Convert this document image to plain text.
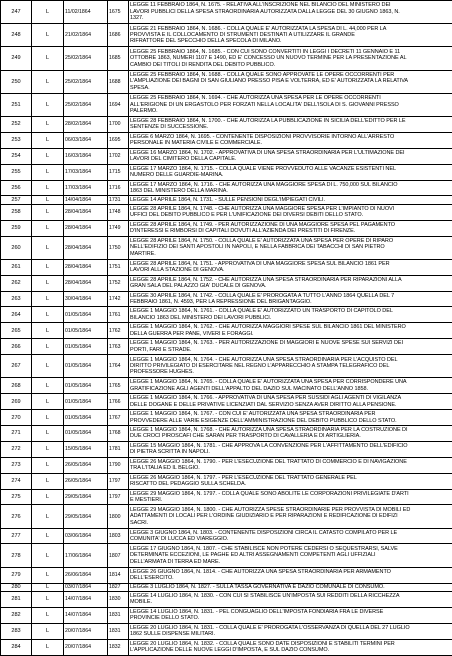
247	L	11/02/1864	1675	LEGGE 11 FEBBRAIO 1864, N. 1675. - RELATIVA ALL'INSCRIZIONE NEL BILANCIO DEL MINISTERO DEI
LAVORI PUBBLICI DELLA SPESA STRAORDINARIA AUTORIZZATA DALLA LEGGE DEL 30 GIUGNO 1863, N.
1327.

248	L	21/02/1864	1686	LEGGE 21 FEBBRAIO 1864, N. 1686. - COLLA QUALE E' AUTORIZZATA LA SPESA DI L. 44,000 PER LA
PROVVISTA E IL COLLOCAMENTO DI STRUMENTI DESTINATI A UTILIZZARE IL GRANDE
RIFRATTORE DEL SPECCHIO DELLA SPECOLA DI MILANO.

249	L	25/02/1864	1685	LEGGE 25 FEBBRAIO 1864, N. 1685. - CON CUI SONO CONVERTITI IN LEGGI I DECRETI 11 GENNAIO E 11
OTTOBRE 1863, NUMERI 1107 E 1490, ED E' CONCESSO UN NUOVO TERMINE PER LA PRESENTAZIONE AL
CAMBIO DEI TITOLI DI RENDITA DEL DEBITO PUBBLICO.

250	L	25/02/1864	1688	LEGGE 25 FEBBRAIO 1864, N. 1688. - COLLA QUALE SONO APPROVATE LE OPERE OCCORRENTI PER
L'AMPLIAZIONE DEI BAGNI DI SAN GIULIANO PRESSO PISA E VOLTERRA, ED E' AUTORIZZATA LA RELATIVA
SPESA.

251	L	25/02/1864	1694	LEGGE 25 FEBBRAIO 1864, N. 1694. - CHE AUTORIZZA UNA SPESA PER LE OPERE OCCORRENTI
ALL'ERIGIONE DI UN ERGASTOLO PER FORZATI NELLA LOCALITA' DELL'ISOLA DI S. GIOVANNI PRESSO
PALERMO.

252	L	28/02/1864	1700	LEGGE 28 FEBBRAIO 1864, N. 1700. - CHE AUTORIZZA LA PUBBLICAZIONE IN SICILIA DELL'EDITTO PER LE
SENTENZE DI SUCCESSIONE.

253	L	06/03/1864	1695	LEGGE 6 MARZO 1864, N. 1695. - CONTENENTE DISPOSIZIONI PROVVISORIE INTORNO ALL'ARRESTO
PERSONALE IN MATERIA CIVILE E COMMERCIALE.

254	L	16/03/1864	1702	LEGGE 16 MARZO 1864, N. 1702. - APPROVATIVA DI UNA SPESA STRAORDINARIA PER L'ULTIMAZIONE DEI
LAVORI DEL CIMITERO DELLA CAPITALE.

255	L	17/03/1864	1715	LEGGE 17 MARZO 1864, N. 1715. - COLLA QUALE VIENE PROVVEDUTO ALLE VACANZE ESISTENTI NEL
NUMERO DELLE GUARDIE-MARINA.

256	L	17/03/1864	1716	LEGGE 17 MARZO 1864, N. 1716. - CHE AUTORIZZA UNA MAGGIORE SPESA DI L. 750,000 SUL BILANCIO
1863 DEL MINISTERO DELLA MARINA.

257	L	14/04/1864	1731	LEGGE 14 APRILE 1864, N. 1731. - SULLE PENSIONI DEGL'IMPIEGATI CIVILI.

258	L	28/04/1864	1748	LEGGE 28 APRILE 1864, N. 1748. - CHE AUTORIZZA UNA MAGGIORE SPESA PER L'IMPIANTO DI NUOVI
UFFICI DEL DEBITO PUBBLICO E PER L'UNIFICAZIONE DEI DIVERSI DEBITI DELLO STATO.

259	L	28/04/1864	1749	LEGGE 28 APRILE 1864, N. 1749. - PER AUTORIZZAZIONE DI UNA MAGGIORE SPESA PEL PAGAMENTO
D'INTERESSI E RIMBORSI DI CAPITALI DOVUTI ALL'AZIENDA DEI PRESTITI DI FIRENZE.

260	L	28/04/1864	1750	LEGGE 28 APRILE 1864, N. 1750. - COLLA QUALE E' AUTORIZZATA UNA SPESA PER OPERE DI RIPARO
NELL'EDIFIZIO DEI SANTI APOSTOLI IN NAPOLI, E NELLA FABBRICA DEI TABACCHI DI SAN PIETRO
MARTIRE.

261	L	28/04/1864	1751	LEGGE 28 APRILE 1864, N. 1751. - APPROVATIVA DI UNA MAGGIORE SPESA SUL BILANCIO 1861 PER
LAVORI ALLA STAZIONE DI GENOVA.

262	L	28/04/1864	1752	LEGGE 28 APRILE 1864, N. 1752. - CHE AUTORIZZA UNA SPESA STRAORDINARIA PER RIPARAZIONI ALLA
GRAN SALA DEL PALAZZO GIA' DUCALE DI GENOVA.

263	L	30/04/1864	1742	LEGGE 30 APRILE 1864, N. 1742. - COLLA QUALE E' PROROGATA A TUTTO L'ANNO 1864 QUELLA DEL 7
FEBBRAIO 1861, N. 4593, PER LA REPRESSIONE DEL BRIGANTAGGIO.

264	L	01/05/1864	1761	LEGGE 1 MAGGIO 1864, N. 1761. - COLLA QUALE E' AUTORIZZATO UN TRASPORTO DI CAPITOLO DEL
BILANCIO 1863 DEL MINISTERO DEI LAVORI PUBBLICI.

265	L	01/05/1864	1762	LEGGE 1 MAGGIO 1864, N. 1762. - CHE AUTORIZZA MAGGIORI SPESE SUL BILANCIO 1861 DEL MINISTERO
DELLA GUERRA PER PANE, VIVERI E FORAGGI.

266	L	01/05/1864	1763	LEGGE 1 MAGGIO 1864, N. 1763. - PER AUTORIZZAZIONE DI MAGGIORI E NUOVE SPESE SUI SERVIZI DEI
PORTI, FARI E STRADE.

267	L	01/05/1864	1764	LEGGE 1 MAGGIO 1864, N. 1764. - CHE AUTORIZZA UNA SPESA STRAORDINARIA PER L'ACQUISTO DEL
DIRITTO PRIVILEGIATO DI ESERCITARE NEL REGNO L'APPARECCHIO A STAMPA TELEGRAFICO DEL
PROFESSORE HUGHES.

268	L	01/05/1864	1765	LEGGE 1 MAGGIO 1864, N. 1765. - COLLA QUALE E' AUTORIZZATA UNA SPESA PER CORRISPONDERE UNA
GRATIFICAZIONE AGLI AGENTI DELL'APPALTO DEL DAZIO SUL MACINATO DELL'ANNO 1858.

269	L	01/05/1864	1766	LEGGE 1 MAGGIO 1864, N. 1766. - APPROVATIVA DI UNA SPESA PER SUSSIDI AGLI AGENTI DI VIGILANZA
DELLE DOGANE E DELLE PRIVATIVE LICENZIATI DAL SERVIZIO SENZA AVER DIRITTO ALLA PENSIONE.

270	L	01/05/1864	1767	LEGGE 1 MAGGIO 1864, N. 1767. - CON CUI E' AUTORIZZATA UNA SPESA STRAORDINARIA PER
PROVVEDERE ALLE VARIE ESIGENZE DELL'AMMINISTRAZIONE DEL DEBITO PUBBLICO DELLO STATO.

271	L	01/05/1864	1768	LEGGE 1 MAGGIO 1864, N. 1768. - CHE AUTORIZZA UNA SPESA STRAORDINARIA PER LA COSTRUZIONE DI
DUE CROCI PIROSCAFI CHE SARAN PER TRASPORTO DI CAVALLERIA E DI ARTIGLIERIA.

272	L	15/05/1864	1781	LEGGE 15 MAGGIO 1864, N. 1781. - CHE APPROVA LA CONVENZIONE PER L'AFFITTAMENTO DELL'EDIFICIO
DI PIETRA SCRITTA IN NAPOLI.

273	L	26/05/1864	1790	LEGGE 26 MAGGIO 1864, N. 1790. - PER L'ESECUZIONE DEL TRATTATO DI COMMERCIO E DI NAVIGAZIONE
TRA L'ITALIA ED IL BELGIO.

274	L	26/05/1864	1797	LEGGE 26 MAGGIO 1864, N. 1797. - PER L'ESECUZIONE DEL TRATTATO GENERALE PEL
RISCATTO DEL PEDAGGIO SULLA SCHELDA.

275	L	29/05/1864	1797	LEGGE 29 MAGGIO 1864, N. 1797. - COLLA QUALE SONO ABOLITE LE CORPORAZIONI PRIVILEGIATE D'ARTI
E MESTIERI.

276	L	29/05/1864	1800	LEGGE 29 MAGGIO 1864, N. 1800. - CHE AUTORIZZA SPESE STRAORDINARIE PER PROVVISTA DI MOBILI ED
ADATTAMENTI DI LOCALI PER L'ORDINE GIUDIZIARIO E PER RIPARAZIONI E REDIFICAZIONE DI EDIFIZI
SACRI.

277	L	03/06/1864	1803	LEGGE 3 GIUGNO 1864, N. 1803. - CONTENENTE DISPOSIZIONI CIRCA IL CATASTO COMPILATO PER LE
COMUNITA' DI LUCCA ED VIAREGGIO.

278	L	17/06/1864	1807	LEGGE 17 GIUGNO 1864, N. 1807. - CHE STABILISCE NON POTERE CEDERSI O SEQUESTRARSI, SALVE
DETERMINATE ECCEZIONI, LE PAGHE ED ALTRI ASSEGNAMENTI COMPETENTI AGLI UFFIZIALI
DELL'ARMATA DI TERRA ED MARE.

279	L	26/06/1864	1814	LEGGE 26 GIUGNO 1864, N. 1814. - CHE AUTORIZZA UNA SPESA STRAORDINARIA PER ARMAMENTO
DELL'ESERCITO.

280	L	03/07/1864	1827	LEGGE 3 LUGLIO 1864, N. 1827. - SULLA TASSA GOVERNATIVA E DAZIO COMUNALE DI CONSUMO.

281	L	14/07/1864	1830	LEGGE 14 LUGLIO 1864, N. 1830. - CON CUI SI STABILISCE UN'IMPOSTA SUI REDDITI DELLA RICCHEZZA
MOBILE.

282	L	14/07/1864	1831	LEGGE 14 LUGLIO 1864, N. 1831. - PEL CONGUAGLIO DELL'IMPOSTA FONDIARIA FRA LE DIVERSE
PROVINCIE DELLO STATO.

283	L	20/07/1864	1831	LEGGE 20 LUGLIO 1864, N. 1831. - COLLA QUALE E' PROROGATA L'OSSERVANZA DI QUELLA DEL 27 LUGLIO
1862 SULLE DISPENSE MILITARI.

284	L	20/07/1864	1832	LEGGE 20 LUGLIO 1864, N. 1832. - COLLA QUALE SONO DATE DISPOSIZIONI E STABILITI TERMINI PER
L'APPLICAZIONE DELLE NUOVE LEGGI D'IMPOSTA, E SUL DAZIO CONSUMO.
